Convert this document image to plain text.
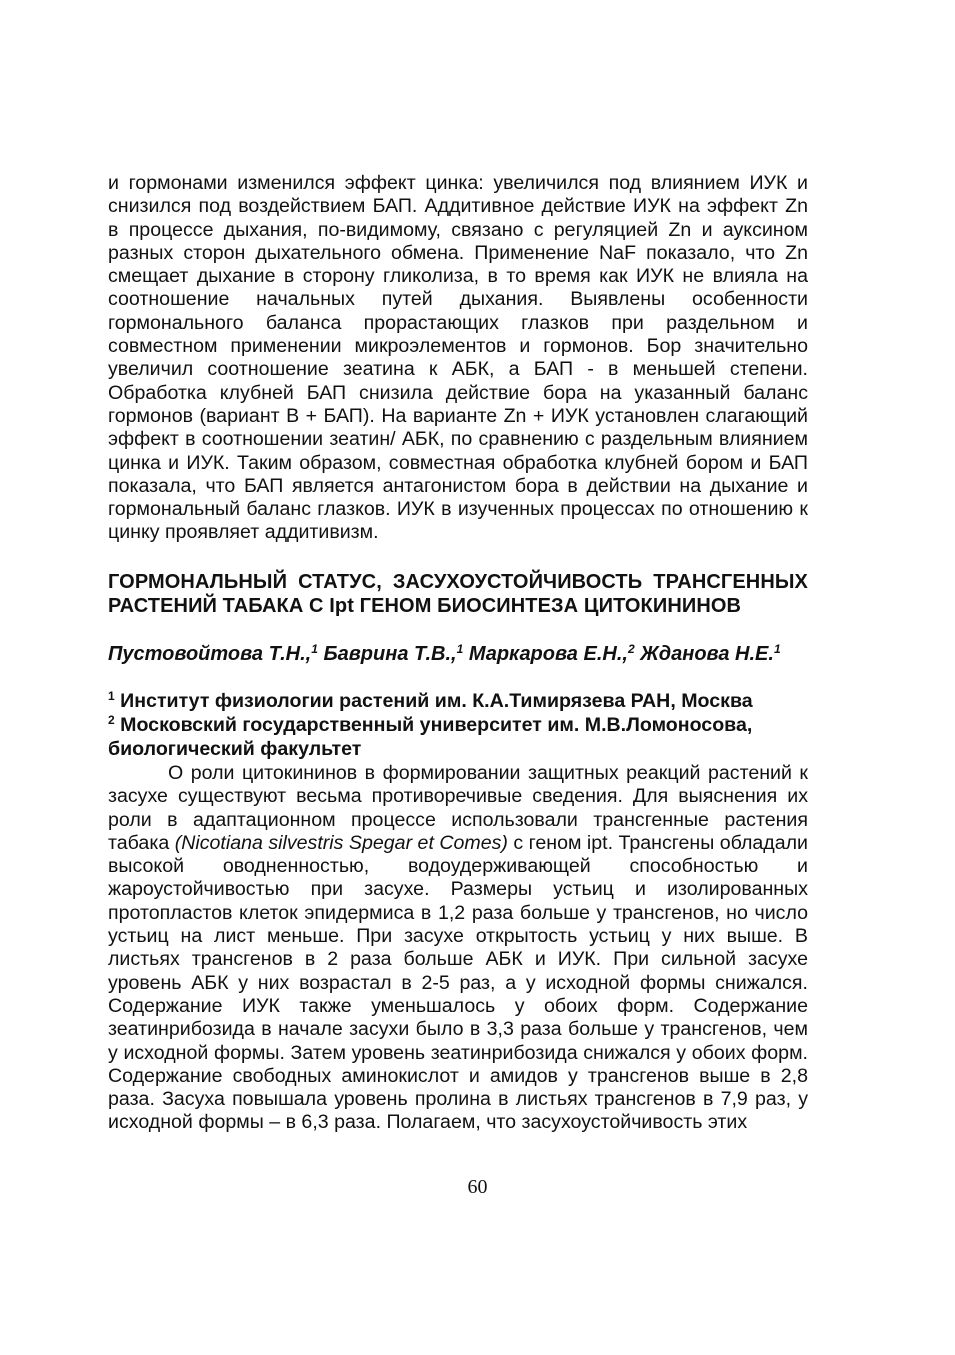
и гормонами изменился эффект цинка: увеличился под влиянием ИУК и снизился под воздействием БАП. Аддитивное действие ИУК на эффект Zn в процессе дыхания, по-видимому, связано с регуляцией Zn и ауксином разных сторон дыхательного обмена. Применение NaF показало, что Zn смещает дыхание в сторону гликолиза, в то время как ИУК не влияла на соотношение начальных путей дыхания. Выявлены особенности гормонального баланса прорастающих глазков при раздельном и совместном применении микроэлементов и гормонов. Бор значительно увеличил соотношение зеатина к АБК, а БАП - в меньшей степени. Обработка клубней БАП снизила действие бора на указанный баланс гормонов (вариант В + БАП). На варианте Zn + ИУК установлен слагающий эффект в соотношении зеатин/ АБК, по сравнению с раздельным влиянием цинка и ИУК. Таким образом, совместная обработка клубней бором и БАП показала, что БАП является антагонистом бора в действии на дыхание и гормональный баланс глазков. ИУК в изученных процессах по отношению к цинку проявляет аддитивизм.

ГОРМОНАЛЬНЫЙ СТАТУС, ЗАСУХОУСТОЙЧИВОСТЬ ТРАНСГЕННЫХ РАСТЕНИЙ ТАБАКА С Ipt ГЕНОМ БИОСИНТЕЗА ЦИТОКИНИНОВ
Пустовойтова Т.Н.,$^1$ Баврина Т.В.,$^1$ Маркарова Е.Н.,$^2$ Жданова Н.Е.$^1$
$^1$ Институт физиологии растений им. К.А.Тимирязева РАН, Москва
$^2$ Московский государственный университет им. М.В.Ломоносова, биологический факультет

О роли цитокининов в формировании защитных реакций растений к засухе существуют весьма противоречивые сведения. Для выяснения их роли в адаптационном процессе использовали трансгенные растения табака (Nicotiana silvestris Spegar et Comes) с геном ipt. Трансгены обладали высокой оводненностью, водоудерживающей способностью и жароустойчивостью при засухе. Размеры устьиц и изолированных протопластов клеток эпидермиса в 1,2 раза больше у трансгенов, но число устьиц на лист меньше. При засухе открытость устьиц у них выше. В листьях трансгенов в 2 раза больше АБК и ИУК. При сильной засухе уровень АБК у них возрастал в 2-5 раз, а у исходной формы снижался. Содержание ИУК также уменьшалось у обоих форм. Содержание зеатинрибозида в начале засухи было в 3,3 раза больше у трансгенов, чем у исходной формы. Затем уровень зеатинрибозида снижался у обоих форм. Содержание свободных аминокислот и амидов у трансгенов выше в 2,8 раза. Засуха повышала уровень пролина в листьях трансгенов в 7,9 раз, у исходной формы – в 6,3 раза. Полагаем, что засухоустойчивость этих

60
